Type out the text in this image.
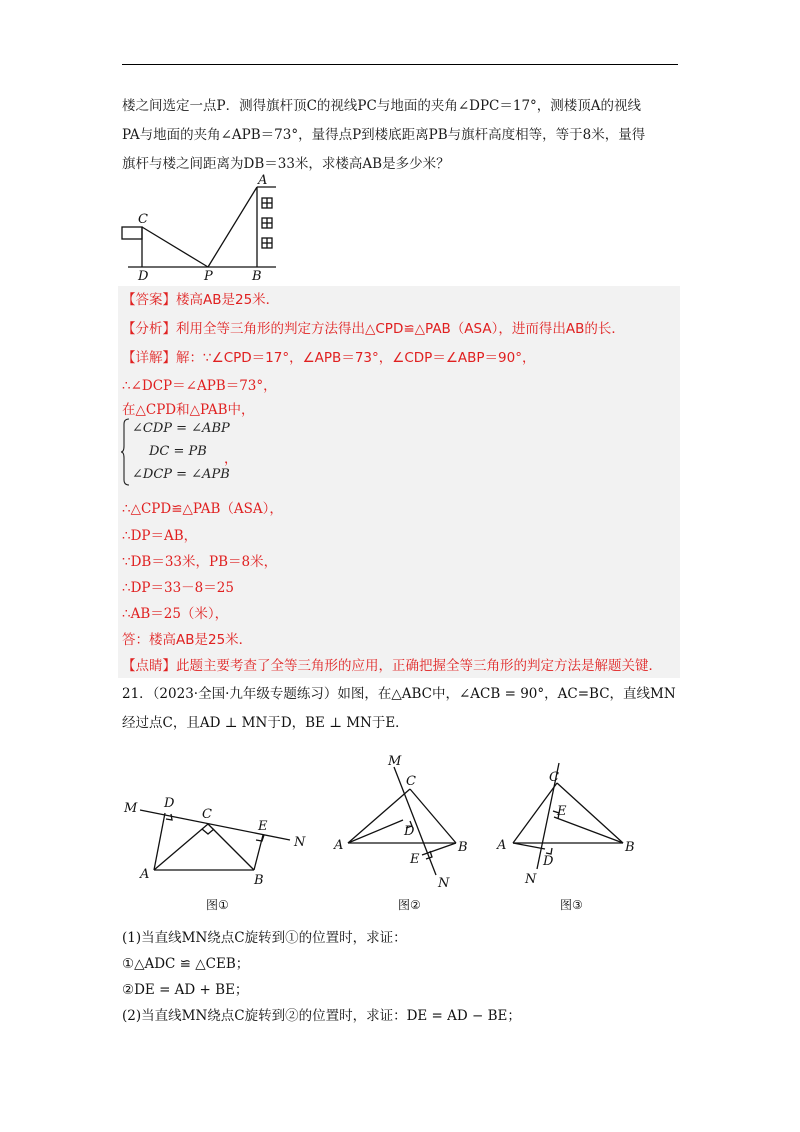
楼之间选定一点P．测得旗杆顶C的视线PC与地面的夹角∠DPC＝17°，测楼顶A的视线
PA与地面的夹角∠APB＝73°，量得点P到楼底距离PB与旗杆高度相等，等于8米，量得
旗杆与楼之间距离为DB＝33米，求楼高AB是多少米？
A
C
D	P	B
【答案】楼高AB是25米．
【分析】利用全等三角形的判定方法得出△CPD≌△PAB（ASA），进而得出AB的长．
【详解】解：∵∠CPD＝17°，∠APB＝73°，∠CDP＝∠ABP＝90°，
∴∠DCP＝∠APB＝73°，
在△CPD和△PAB中，
∠CDP = ∠ABP
DC = PB
∠DCP = ∠APB
，
∴△CPD≌△PAB（ASA），
∴DP＝AB，
∵DB＝33米，PB＝8米，
∴DP＝33－8＝25
∴AB＝25（米），
答：楼高AB是25米．
【点睛】此题主要考查了全等三角形的应用，正确把握全等三角形的判定方法是解题关键．
21．（2023·全国·九年级专题练习）如图，在△ABC中，∠ACB = 90°，AC=BC，直线MN
经过点C，且AD ⊥ MN于D，BE ⊥ MN于E．
M D
C
E
N
A	B
图①
M
C
D
A
E
B
N
图②
C
E
A
D
B
N
图③
(1)当直线MN绕点C旋转到①的位置时，求证：
①△ADC ≌ △CEB；
②DE = AD + BE；
(2)当直线MN绕点C旋转到②的位置时，求证：DE = AD − BE；
